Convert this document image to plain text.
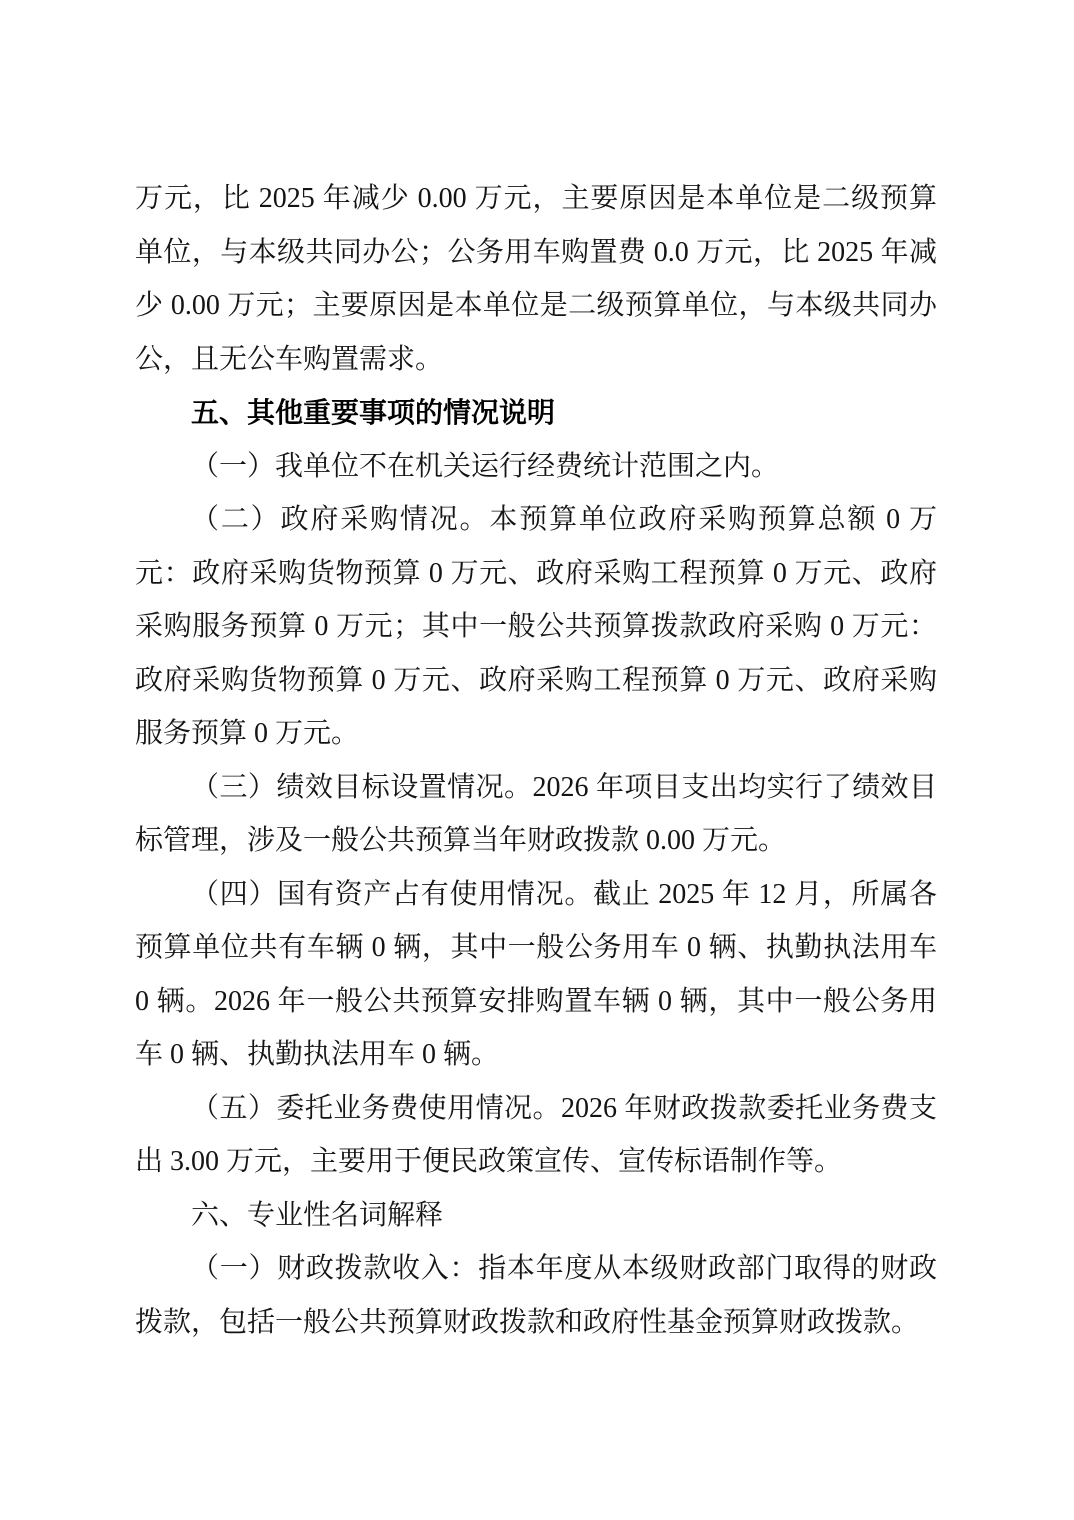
万元，比 2025 年减少 0.00 万元，主要原因是本单位是二级预算单位，与本级共同办公；公务用车购置费 0.0 万元，比 2025 年减少 0.00 万元；主要原因是本单位是二级预算单位，与本级共同办公，且无公车购置需求。

五、其他重要事项的情况说明

（一）我单位不在机关运行经费统计范围之内。

（二）政府采购情况。本预算单位政府采购预算总额 0 万元：政府采购货物预算 0 万元、政府采购工程预算 0 万元、政府采购服务预算 0 万元；其中一般公共预算拨款政府采购 0 万元：政府采购货物预算 0 万元、政府采购工程预算 0 万元、政府采购服务预算 0 万元。

（三）绩效目标设置情况。2026 年项目支出均实行了绩效目标管理，涉及一般公共预算当年财政拨款 0.00 万元。

（四）国有资产占有使用情况。截止 2025 年 12 月，所属各预算单位共有车辆 0 辆，其中一般公务用车 0 辆、执勤执法用车 0 辆。2026 年一般公共预算安排购置车辆 0 辆，其中一般公务用车 0 辆、执勤执法用车 0 辆。

（五）委托业务费使用情况。2026 年财政拨款委托业务费支出 3.00 万元，主要用于便民政策宣传、宣传标语制作等。

六、专业性名词解释

（一）财政拨款收入：指本年度从本级财政部门取得的财政拨款，包括一般公共预算财政拨款和政府性基金预算财政拨款。
